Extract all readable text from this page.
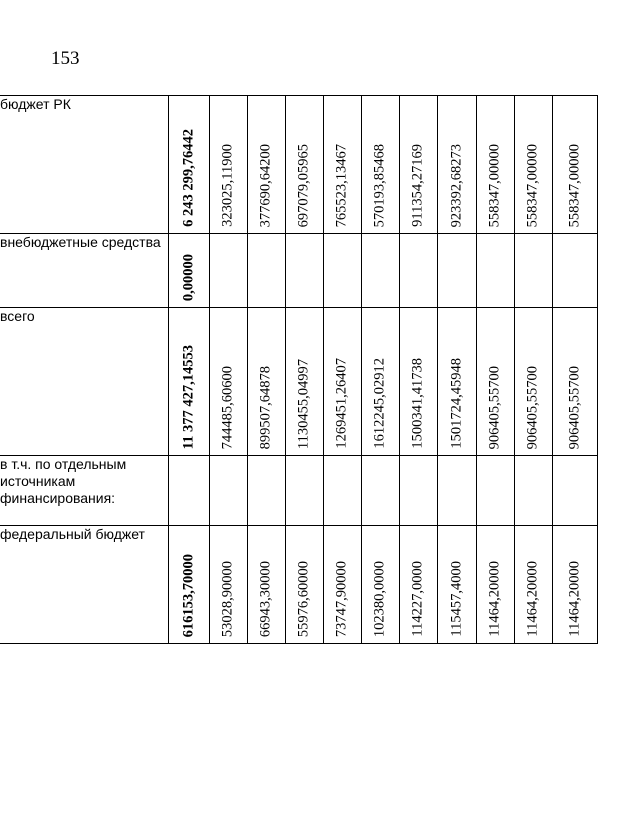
153
бюджет РК	6 243 299,76442	323025,11900	377690,64200	697079,05965	765523,13467	570193,85468	911354,27169	923392,68273	558347,00000	558347,00000	558347,00000

внебюджетные средства	0,00000										

всего	11 377 427,14553	744485,60600	899507,64878	1130455,04997	1269451,26407	1612245,02912	1500341,41738	1501724,45948	906405,55700	906405,55700	906405,55700

в т.ч. по отдельным источникам финансирования:	

федеральный бюджет	616153,70000	53028,90000	66943,30000	55976,60000	73747,90000	102380,0000	114227,0000	115457,4000	11464,20000	11464,20000	11464,20000
